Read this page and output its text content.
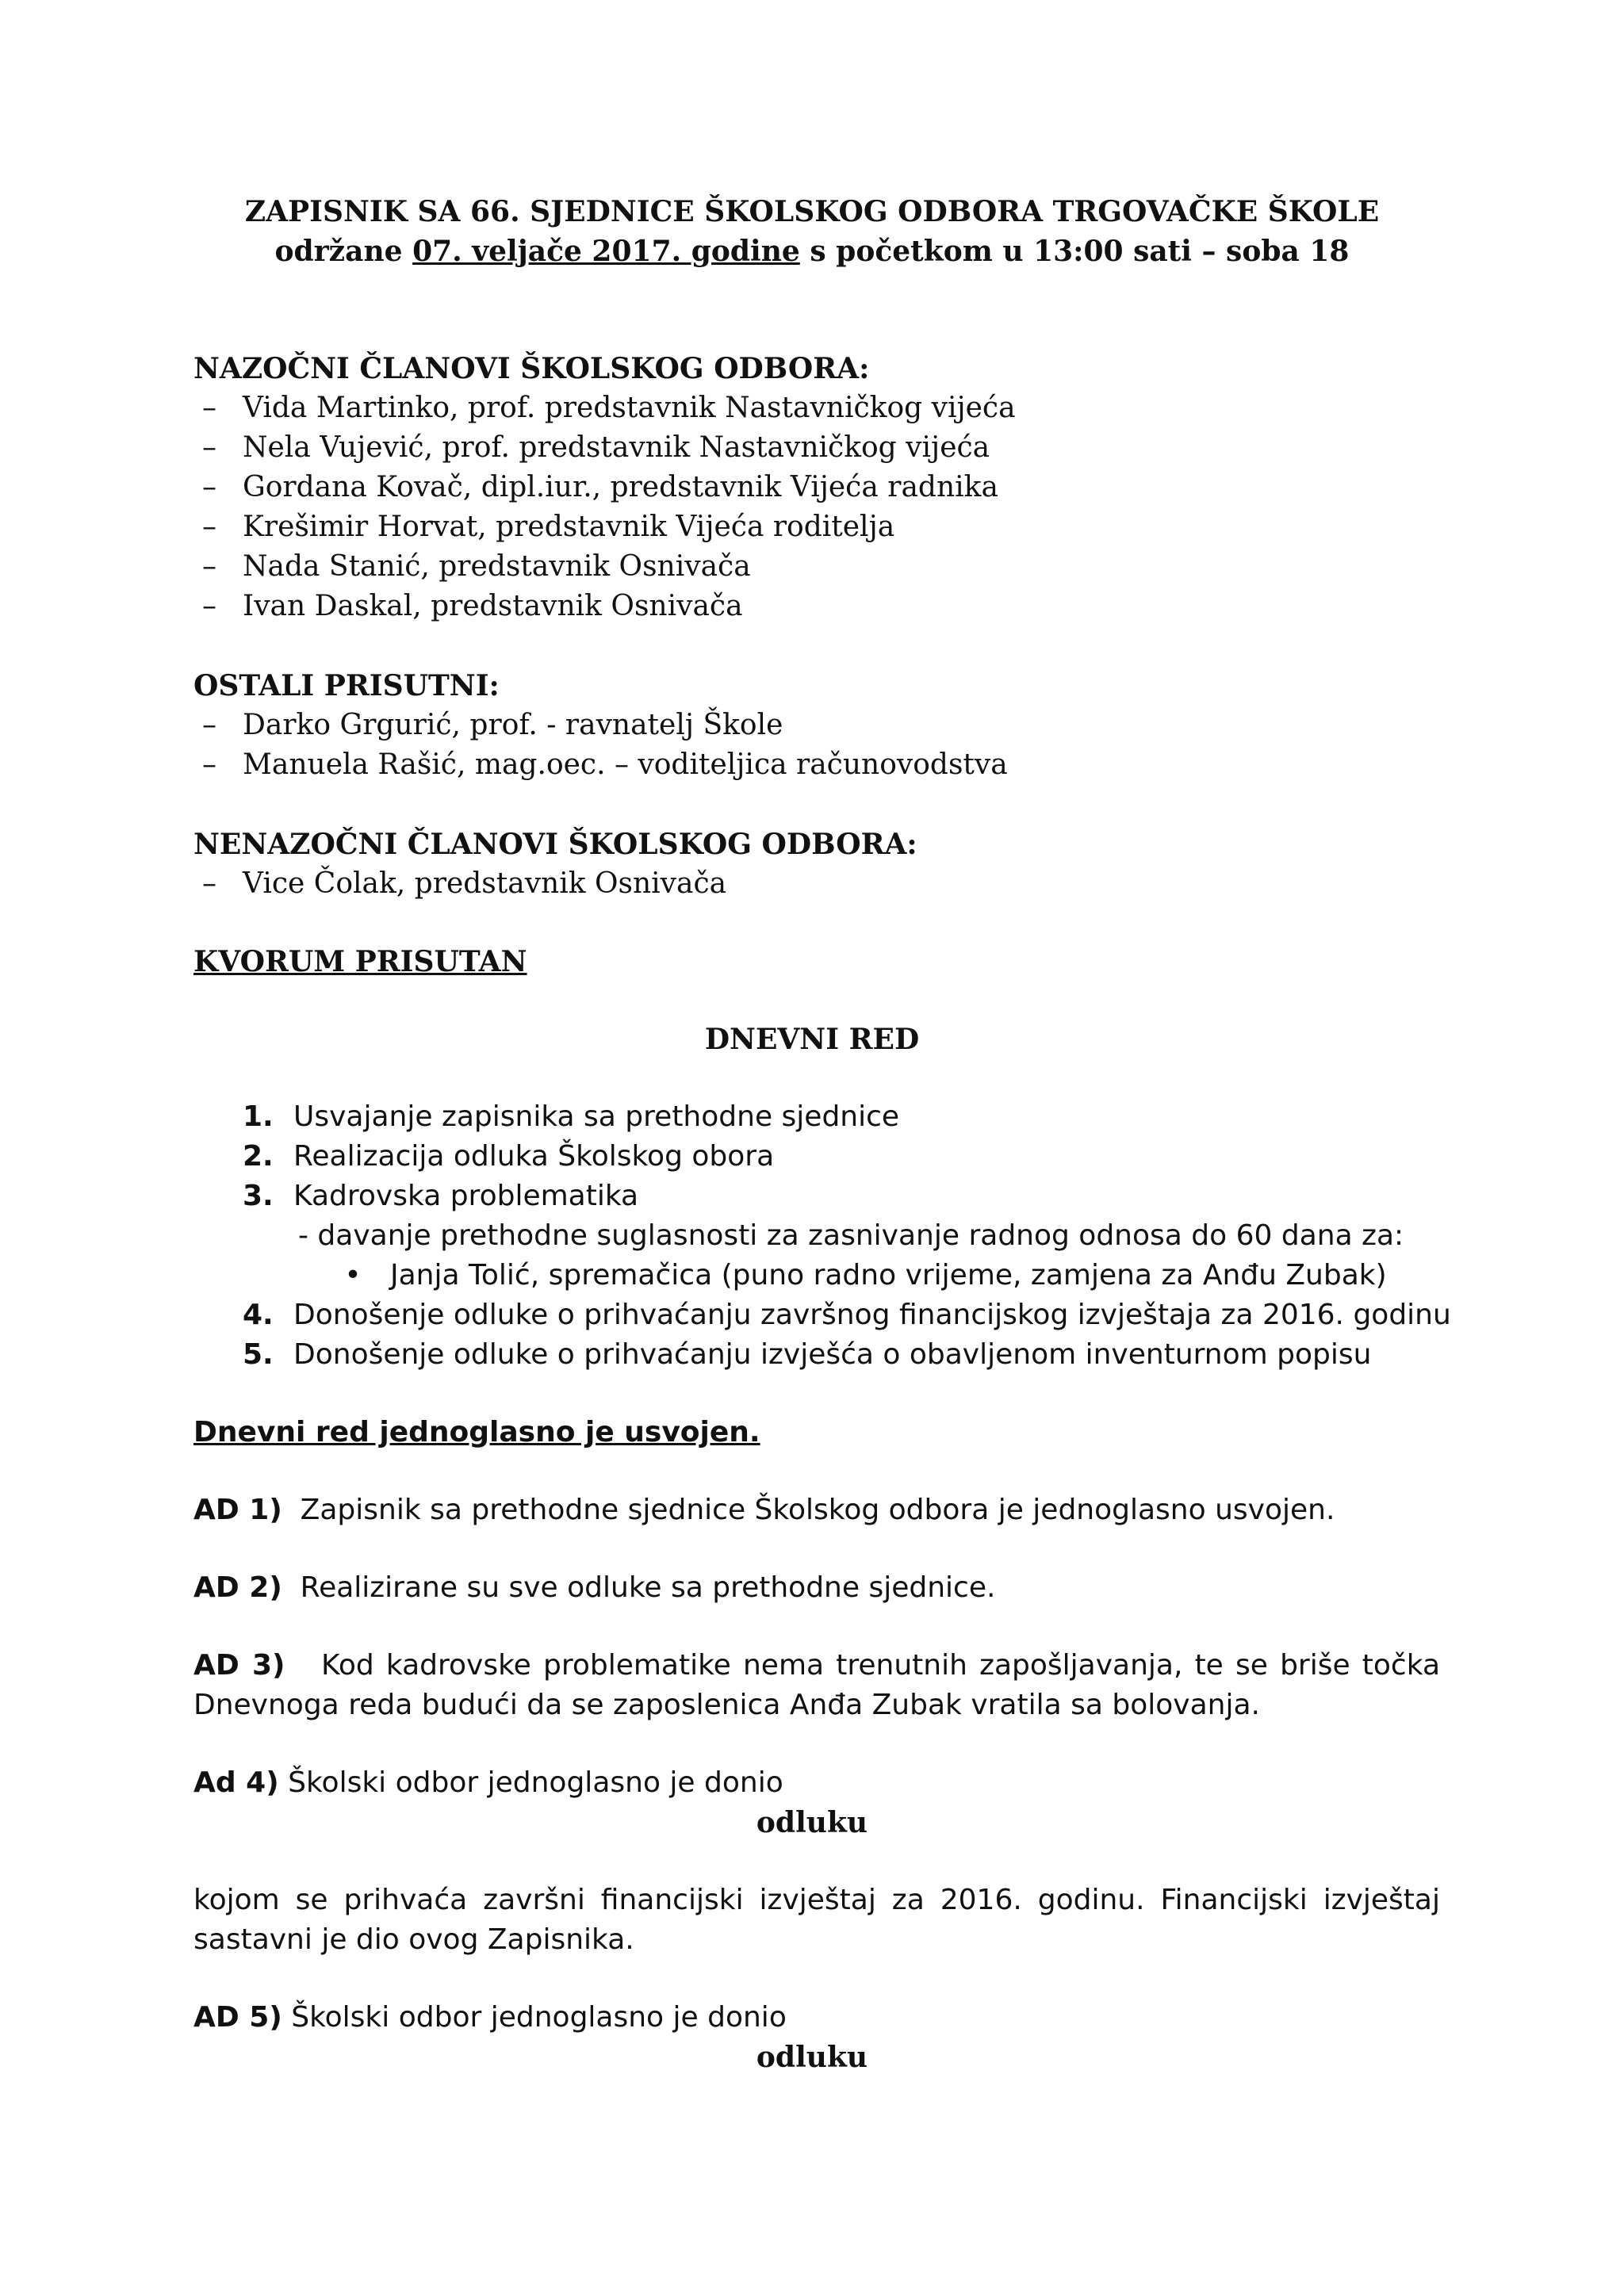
ZAPISNIK SA 66. SJEDNICE ŠKOLSKOG ODBORA TRGOVAČKE ŠKOLE
održane 07. veljače 2017. godine s početkom u 13:00 sati – soba 18
NAZOČNI ČLANOVI ŠKOLSKOG ODBORA:
– Vida Martinko, prof. predstavnik Nastavničkog vijeća
– Nela Vujević, prof. predstavnik Nastavničkog vijeća
– Gordana Kovač, dipl.iur., predstavnik Vijeća radnika
– Krešimir Horvat, predstavnik Vijeća roditelja
– Nada Stanić, predstavnik Osnivača
– Ivan Daskal, predstavnik Osnivača
OSTALI PRISUTNI:
– Darko Grgurić, prof. - ravnatelj Škole
– Manuela Rašić, mag.oec. – voditeljica računovodstva
NENAZOČNI ČLANOVI ŠKOLSKOG ODBORA:
– Vice Čolak, predstavnik Osnivača
KVORUM PRISUTAN
DNEVNI RED
1. Usvajanje zapisnika sa prethodne sjednice
2. Realizacija odluka Školskog obora
3. Kadrovska problematika
- davanje prethodne suglasnosti za zasnivanje radnog odnosa do 60 dana za:
• Janja Tolić, spremačica (puno radno vrijeme, zamjena za Anđu Zubak)
4. Donošenje odluke o prihvaćanju završnog financijskog izvještaja za 2016. godinu
5. Donošenje odluke o prihvaćanju izvješća o obavljenom inventurnom popisu
Dnevni red jednoglasno je usvojen.
AD 1) Zapisnik sa prethodne sjednice Školskog odbora je jednoglasno usvojen.
AD 2) Realizirane su sve odluke sa prethodne sjednice.
AD 3) Kod kadrovske problematike nema trenutnih zapošljavanja, te se briše točka Dnevnoga reda budući da se zaposlenica Anđa Zubak vratila sa bolovanja.
Ad 4) Školski odbor jednoglasno je donio
odluku
kojom se prihvaća završni financijski izvještaj za 2016. godinu. Financijski izvještaj sastavni je dio ovog Zapisnika.
AD 5) Školski odbor jednoglasno je donio
odluku
